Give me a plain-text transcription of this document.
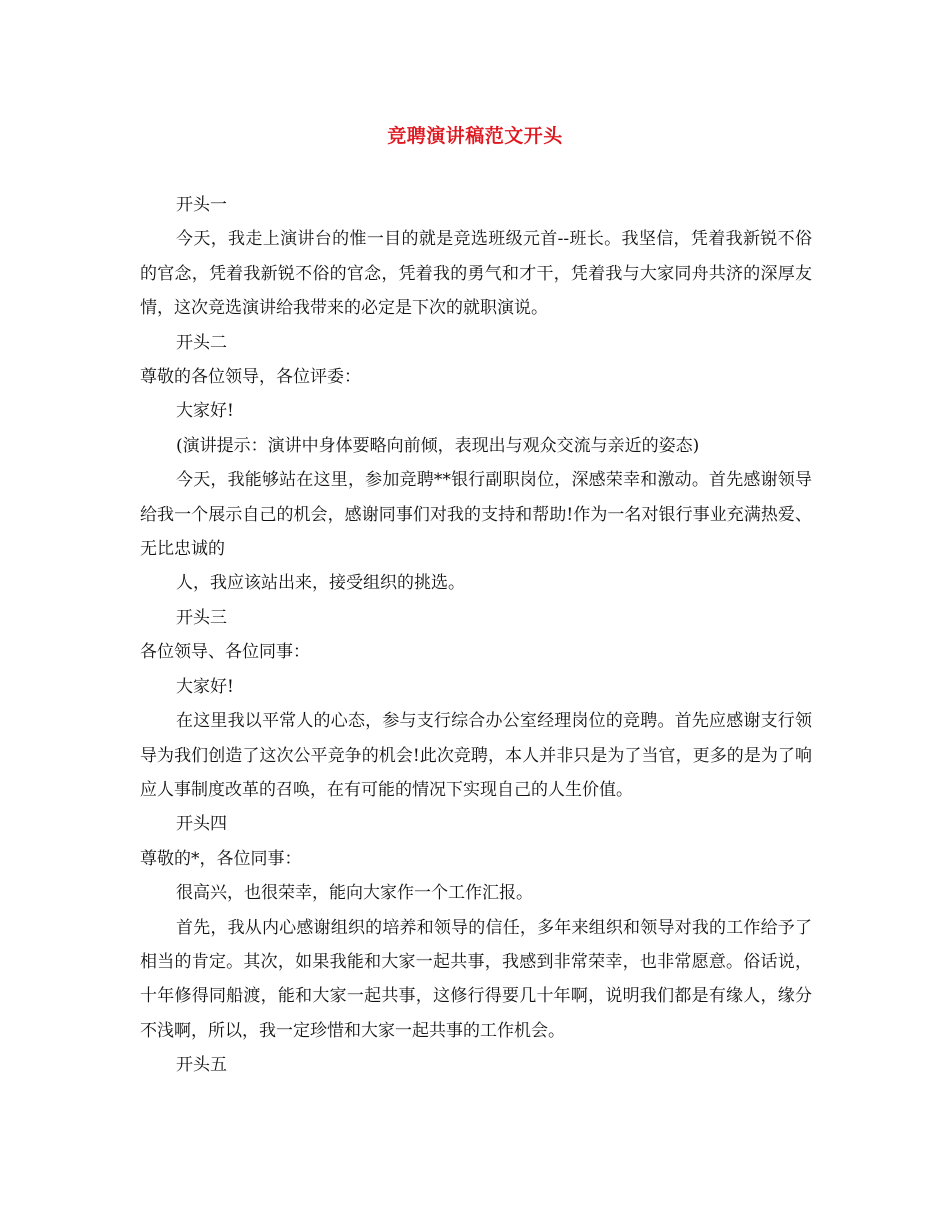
竞聘演讲稿范文开头

开头一

今天，我走上演讲台的惟一目的就是竞选班级元首--班长。我坚信，凭着我新锐不俗的官念，凭着我新锐不俗的官念，凭着我的勇气和才干，凭着我与大家同舟共济的深厚友情，这次竞选演讲给我带来的必定是下次的就职演说。

开头二

尊敬的各位领导，各位评委：

大家好!

(演讲提示：演讲中身体要略向前倾，表现出与观众交流与亲近的姿态)

今天，我能够站在这里，参加竞聘**银行副职岗位，深感荣幸和激动。首先感谢领导给我一个展示自己的机会，感谢同事们对我的支持和帮助!作为一名对银行事业充满热爱、无比忠诚的

人，我应该站出来，接受组织的挑选。

开头三

各位领导、各位同事：

大家好!

在这里我以平常人的心态，参与支行综合办公室经理岗位的竞聘。首先应感谢支行领导为我们创造了这次公平竞争的机会!此次竞聘，本人并非只是为了当官，更多的是为了响应人事制度改革的召唤，在有可能的情况下实现自己的人生价值。

开头四

尊敬的*，各位同事：

很高兴，也很荣幸，能向大家作一个工作汇报。

首先，我从内心感谢组织的培养和领导的信任，多年来组织和领导对我的工作给予了相当的肯定。其次，如果我能和大家一起共事，我感到非常荣幸，也非常愿意。俗话说，十年修得同船渡，能和大家一起共事，这修行得要几十年啊，说明我们都是有缘人，缘分不浅啊，所以，我一定珍惜和大家一起共事的工作机会。

开头五
